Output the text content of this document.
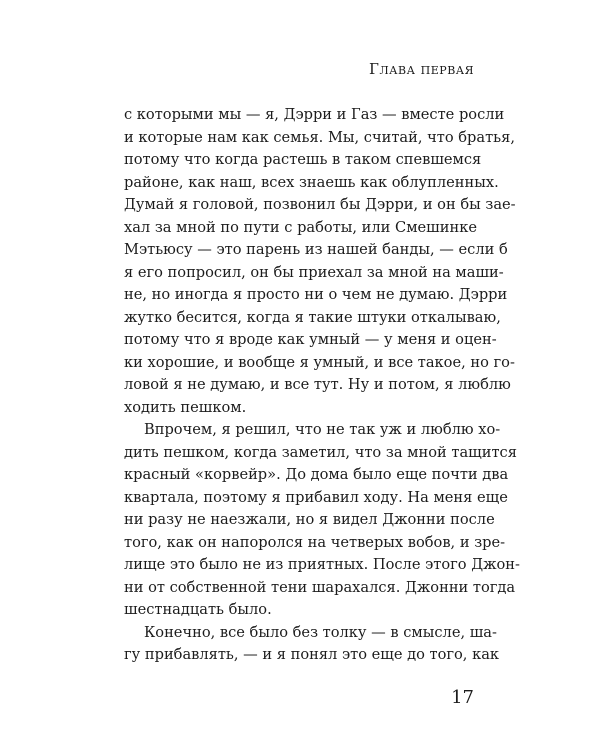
Глава первая
с которыми мы — я, Дэрри и Газ — вместе росли
и которые нам как семья. Мы, считай, что братья,
потому что когда растешь в таком спевшемся
районе, как наш, всех знаешь как облупленных.
Думай я головой, позвонил бы Дэрри, и он бы зае-
хал за мной по пути с работы, или Смешинке
Мэтьюсу — это парень из нашей банды, — если б
я его попросил, он бы приехал за мной на маши-
не, но иногда я просто ни о чем не думаю. Дэрри
жутко бесится, когда я такие штуки откалываю,
потому что я вроде как умный — у меня и оцен-
ки хорошие, и вообще я умный, и все такое, но го-
ловой я не думаю, и все тут. Ну и потом, я люблю
ходить пешком.
Впрочем, я решил, что не так уж и люблю хо-
дить пешком, когда заметил, что за мной тащится
красный «корвейр». До дома было еще почти два
квартала, поэтому я прибавил ходу. На меня еще
ни разу не наезжали, но я видел Джонни после
того, как он напоролся на четверых вобов, и зре-
лище это было не из приятных. После этого Джон-
ни от собственной тени шарахался. Джонни тогда
шестнадцать было.
Конечно, все было без толку — в смысле, ша-
гу прибавлять, — и я понял это еще до того, как
17
